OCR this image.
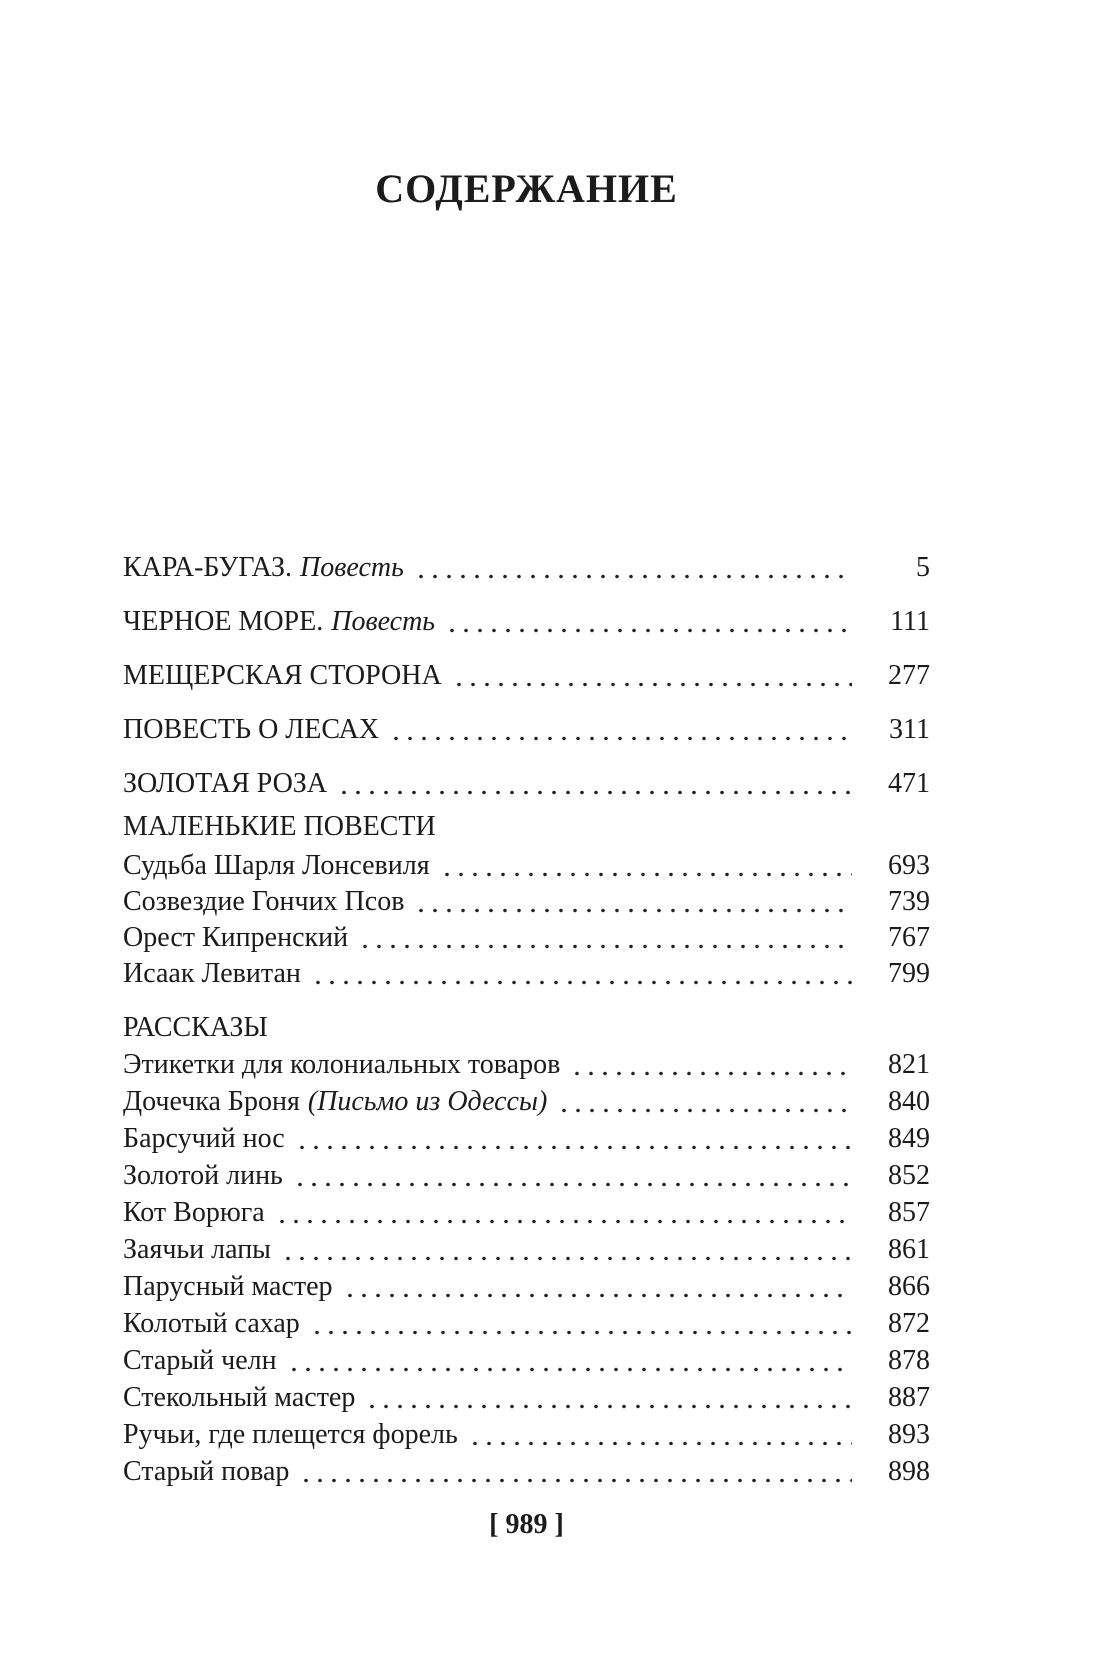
СОДЕРЖАНИЕ
КАРА-БУГАЗ. Повесть	5
ЧЕРНОЕ МОРЕ. Повесть	111
МЕЩЕРСКАЯ СТОРОНА	277
ПОВЕСТЬ О ЛЕСАХ	311
ЗОЛОТАЯ РОЗА	471
МАЛЕНЬКИЕ ПОВЕСТИ
Судьба Шарля Лонсевиля	693
Созвездие Гончих Псов	739
Орест Кипренский	767
Исаак Левитан	799
РАССКАЗЫ
Этикетки для колониальных товаров	821
Дочечка Броня (Письмо из Одессы)	840
Барсучий нос	849
Золотой линь	852
Кот Ворюга	857
Заячьи лапы	861
Парусный мастер	866
Колотый сахар	872
Старый челн	878
Стекольный мастер	887
Ручьи, где плещется форель	893
Старый повар	898
[ 989 ]
